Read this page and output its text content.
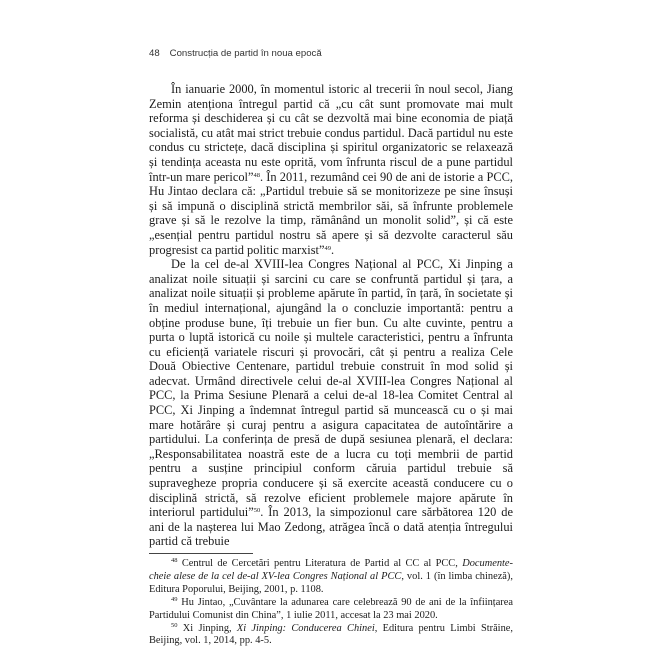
48 Construcția de partid în noua epocă

În ianuarie 2000, în momentul istoric al trecerii în noul secol, Jiang Zemin atenționa întregul partid că „cu cât sunt promovate mai mult reforma și deschiderea și cu cât se dezvoltă mai bine economia de piață socialistă, cu atât mai strict trebuie condus partidul. Dacă partidul nu este condus cu strictețe, dacă disciplina și spiritul organizatoric se relaxează și tendința aceasta nu este oprită, vom înfrunta riscul de a pune partidul într-un mare pericol”$^{48}$. În 2011, rezumând cei 90 de ani de istorie a PCC, Hu Jintao declara că: „Partidul trebuie să se monitorizeze pe sine însuși și să impună o disciplină strictă membrilor săi, să înfrunte problemele grave și să le rezolve la timp, rămânând un monolit solid”, și că este „esențial pentru partidul nostru să apere și să dezvolte caracterul său progresist ca partid politic marxist”$^{49}$.

De la cel de-al XVIII-lea Congres Național al PCC, Xi Jinping a analizat noile situații și sarcini cu care se confruntă partidul și țara, a analizat noile situații și probleme apărute în partid, în țară, în societate și în mediul internațional, ajungând la o concluzie importantă: pentru a obține produse bune, îți trebuie un fier bun. Cu alte cuvinte, pentru a purta o luptă istorică cu noile și multele caracteristici, pentru a înfrunta cu eficiență variatele riscuri și provocări, cât și pentru a realiza Cele Două Obiective Centenare, partidul trebuie construit în mod solid și adecvat. Urmând directivele celui de-al XVIII-lea Congres Național al PCC, la Prima Sesiune Plenară a celui de-al 18-lea Comitet Central al PCC, Xi Jinping a îndemnat întregul partid să muncească cu o și mai mare hotărâre și curaj pentru a asigura capacitatea de autoîntărire a partidului. La conferința de presă de după sesiunea plenară, el declara: „Responsabilitatea noastră este de a lucra cu toți membrii de partid pentru a susține principiul conform căruia partidul trebuie să supravegheze propria conducere și să exercite această conducere cu o disciplină strictă, să rezolve eficient problemele majore apărute în interiorul partidului”$^{50}$. În 2013, la simpozionul care sărbătorea 120 de ani de la nașterea lui Mao Zedong, atrăgea încă o dată atenția întregului partid că trebuie

$^{48}$ Centrul de Cercetări pentru Literatura de Partid al CC al PCC, Documente-cheie alese de la cel de-al XV-lea Congres Național al PCC, vol. 1 (în limba chineză), Editura Poporului, Beijing, 2001, p. 1108.

$^{49}$ Hu Jintao, „Cuvântare la adunarea care celebrează 90 de ani de la înființarea Partidului Comunist din China”, 1 iulie 2011, accesat la 23 mai 2020.

$^{50}$ Xi Jinping, Xi Jinping: Conducerea Chinei, Editura pentru Limbi Străine, Beijing, vol. 1, 2014, pp. 4-5.
